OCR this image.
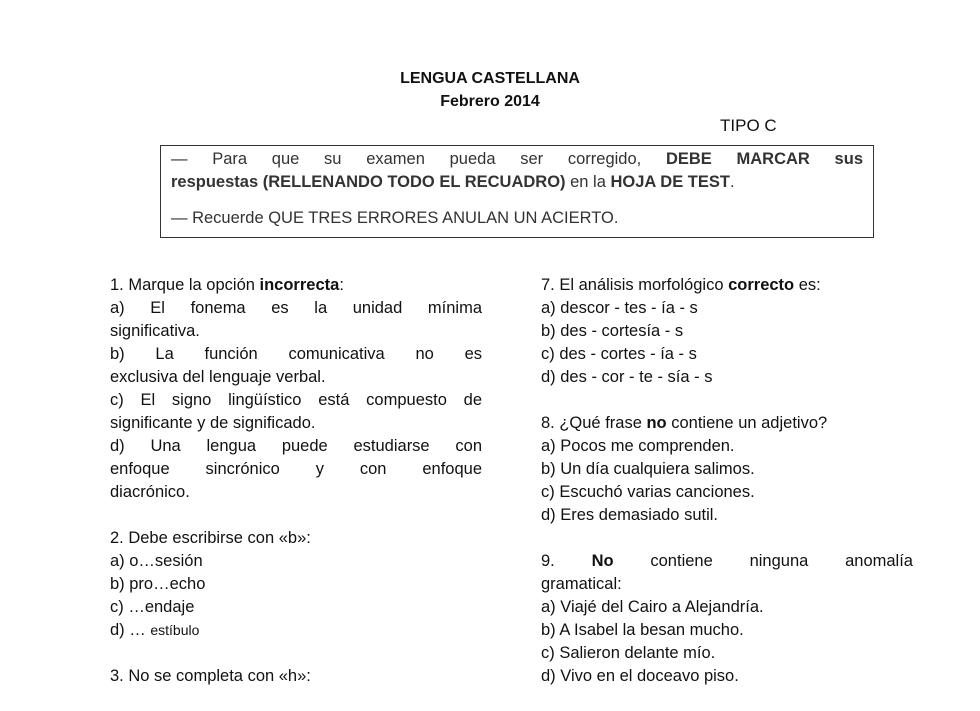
LENGUA CASTELLANA
Febrero 2014
TIPO C

— Para que su examen pueda ser corregido, DEBE MARCAR sus

respuestas (RELLENANDO TODO EL RECUADRO) en la HOJA DE TEST.

— Recuerde QUE TRES ERRORES ANULAN UN ACIERTO.
1. Marque la opción incorrecta:
a) El fonema es la unidad mínima
significativa.
b) La función comunicativa no es
exclusiva del lenguaje verbal.
c) El signo lingüístico está compuesto de
significante y de significado.
d) Una lengua puede estudiarse con
enfoque sincrónico y con enfoque
diacrónico.
2. Debe escribirse con «b»:
a) o…sesión
b) pro…echo
c) …endaje
d) … estíbulo
3. No se completa con «h»:
7. El análisis morfológico correcto es:
a) descor - tes - ía - s
b) des - cortesía - s
c) des - cortes - ía - s
d) des - cor - te - sía - s
8. ¿Qué frase no contiene un adjetivo?
a) Pocos me comprenden.
b) Un día cualquiera salimos.
c) Escuchó varias canciones.
d) Eres demasiado sutil.
9. No contiene ninguna anomalía
gramatical:
a) Viajé del Cairo a Alejandría.
b) A Isabel la besan mucho.
c) Salieron delante mío.
d) Vivo en el doceavo piso.
